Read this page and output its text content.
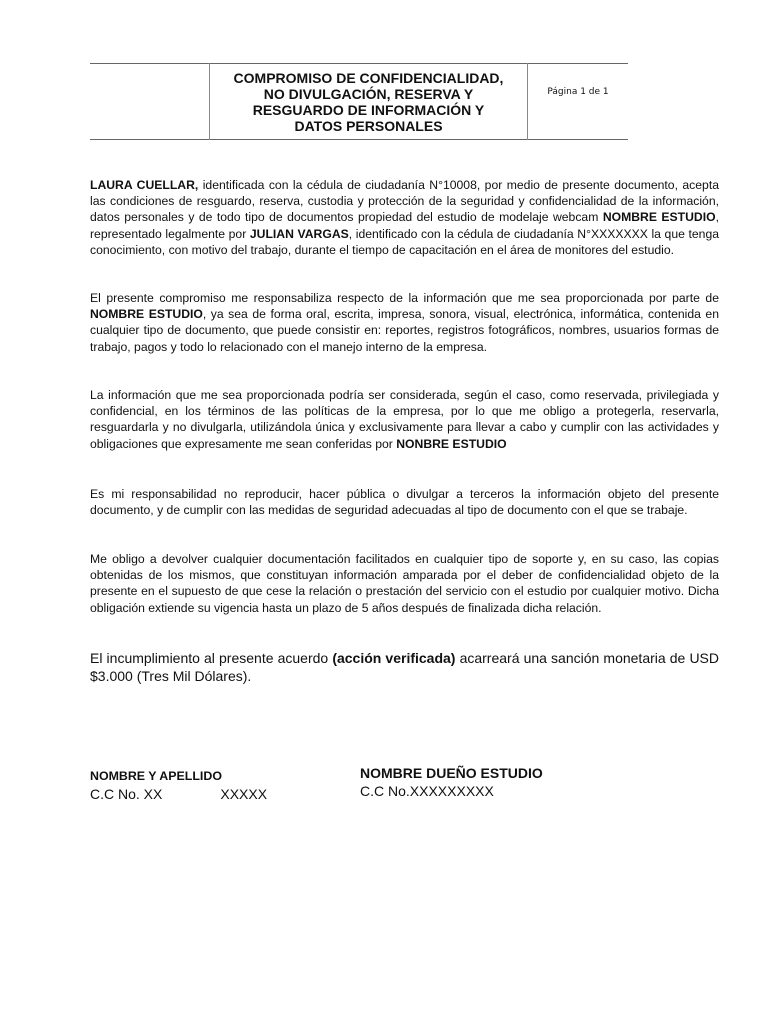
COMPROMISO DE CONFIDENCIALIDAD,
NO DIVULGACIÓN, RESERVA Y
RESGUARDO DE INFORMACIÓN Y
DATOS PERSONALES
	Página 1 de 1

LAURA CUELLAR, identificada con la cédula de ciudadanía N°10008, por medio de presente documento, acepta las condiciones de resguardo, reserva, custodia y protección de la seguridad y confidencialidad de la información, datos personales y de todo tipo de documentos propiedad del estudio de modelaje webcam NOMBRE ESTUDIO, representado legalmente por JULIAN VARGAS, identificado con la cédula de ciudadanía N°XXXXXXX la que tenga conocimiento, con motivo del trabajo, durante el tiempo de capacitación en el área de monitores del estudio.

El presente compromiso me responsabiliza respecto de la información que me sea proporcionada por parte de NOMBRE ESTUDIO, ya sea de forma oral, escrita, impresa, sonora, visual, electrónica, informática, contenida en cualquier tipo de documento, que puede consistir en: reportes, registros fotográficos, nombres, usuarios formas de trabajo, pagos y todo lo relacionado con el manejo interno de la empresa.

La información que me sea proporcionada podría ser considerada, según el caso, como reservada, privilegiada y confidencial, en los términos de las políticas de la empresa, por lo que me obligo a protegerla, reservarla, resguardarla y no divulgarla, utilizándola única y exclusivamente para llevar a cabo y cumplir con las actividades y obligaciones que expresamente me sean conferidas por NONBRE ESTUDIO

Es mi responsabilidad no reproducir, hacer pública o divulgar a terceros la información objeto del presente documento, y de cumplir con las medidas de seguridad adecuadas al tipo de documento con el que se trabaje.

Me obligo a devolver cualquier documentación facilitados en cualquier tipo de soporte y, en su caso, las copias obtenidas de los mismos, que constituyan información amparada por el deber de confidencialidad objeto de la presente en el supuesto de que cese la relación o prestación del servicio con el estudio por cualquier motivo. Dicha obligación extiende su vigencia hasta un plazo de 5 años después de finalizada dicha relación.

El incumplimiento al presente acuerdo (acción verificada) acarreará una sanción monetaria de USD $3.000 (Tres Mil Dólares).

NOMBRE Y APELLIDO
C.C No. XX	XXXXX
NOMBRE DUEÑO ESTUDIO
C.C No.XXXXXXXXX
